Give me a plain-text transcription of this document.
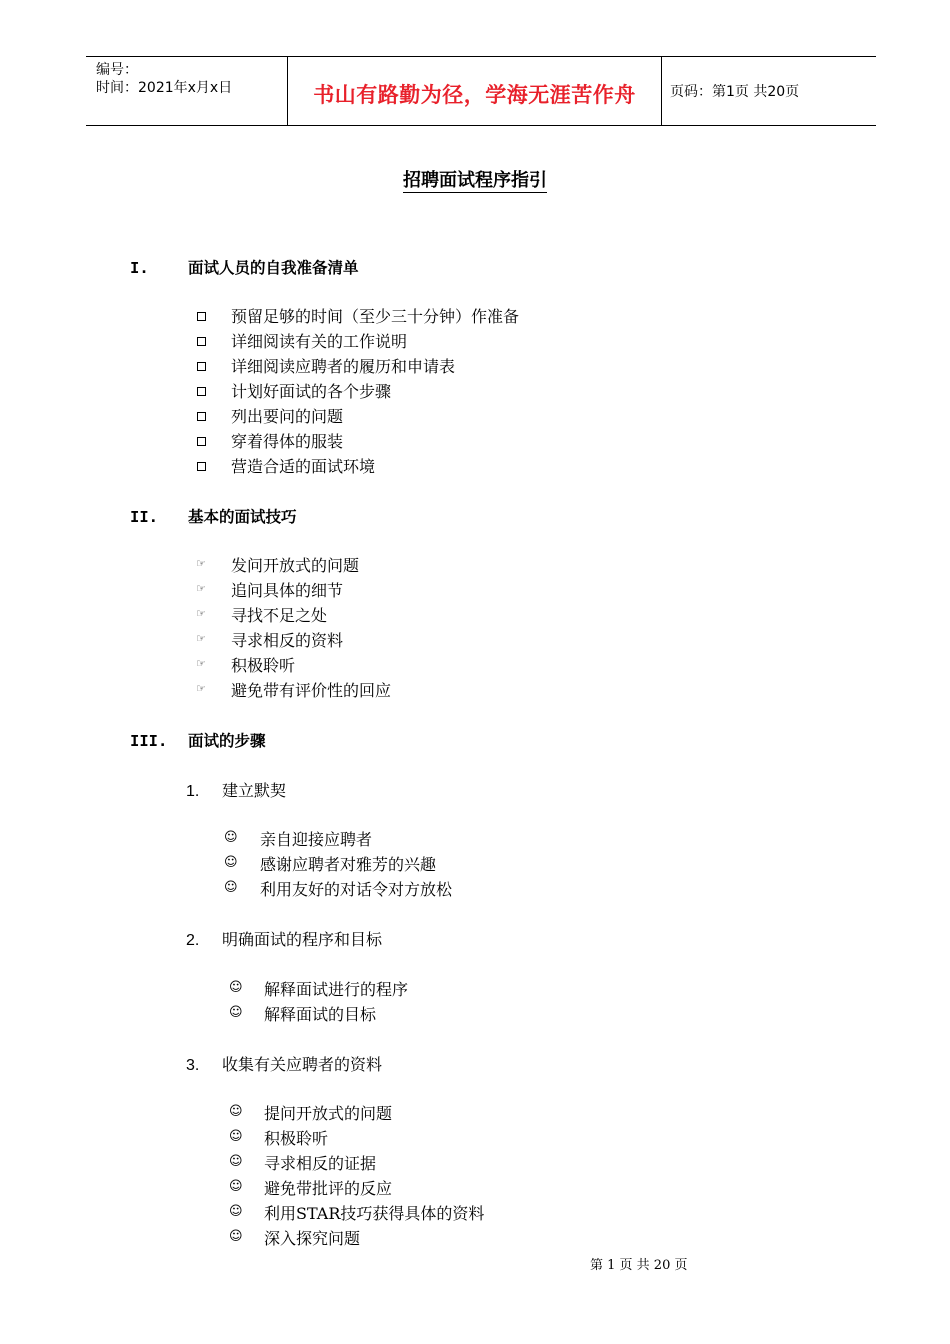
编号：
时间：2021年x月x日	书山有路勤为径，学海无涯苦作舟	页码：第1页 共20页
招聘面试程序指引
I.	面试人员的自我准备清单
预留足够的时间（至少三十分钟）作准备
详细阅读有关的工作说明
详细阅读应聘者的履历和申请表
计划好面试的各个步骤
列出要问的问题
穿着得体的服装
营造合适的面试环境
II. 基本的面试技巧
☞ 发问开放式的问题
☞ 追问具体的细节
☞ 寻找不足之处
☞ 寻求相反的资料
☞ 积极聆听
☞ 避免带有评价性的回应
III. 面试的步骤
1. 建立默契
☺ 亲自迎接应聘者
☺ 感谢应聘者对雅芳的兴趣
☺ 利用友好的对话令对方放松
2. 明确面试的程序和目标
☺ 解释面试进行的程序
☺ 解释面试的目标
3. 收集有关应聘者的资料
☺ 提问开放式的问题
☺ 积极聆听
☺ 寻求相反的证据
☺ 避免带批评的反应
☺ 利用STAR技巧获得具体的资料
☺ 深入探究问题
第 1 页 共 20 页
